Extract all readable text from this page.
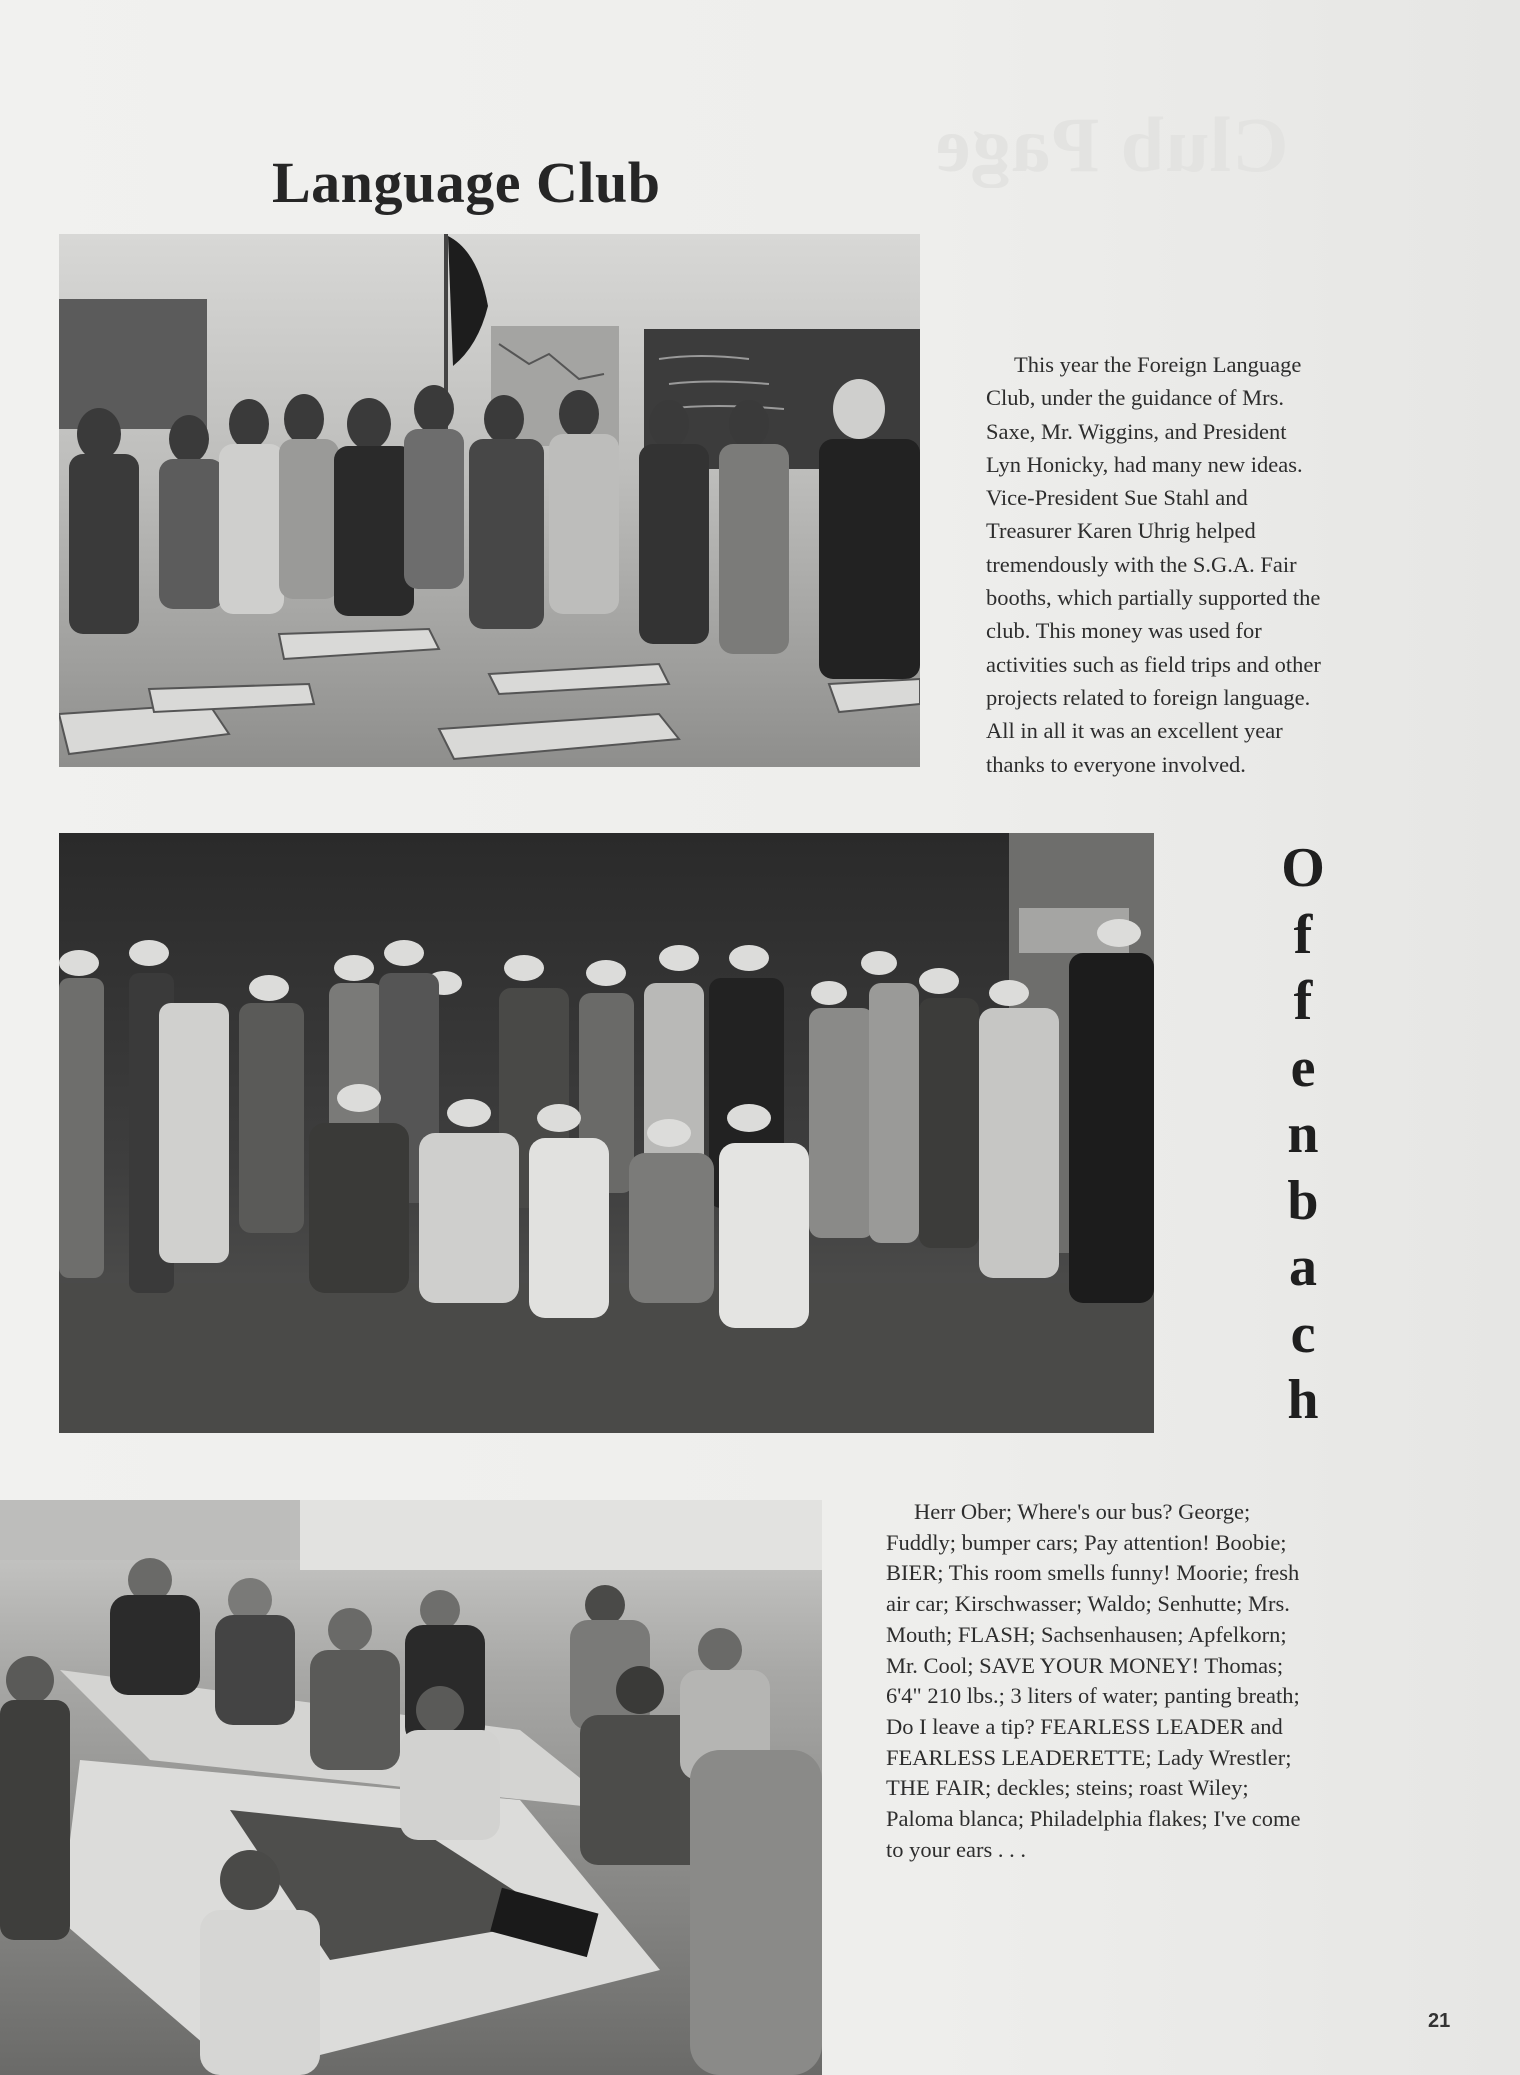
Club Page
Language Club
This year the Foreign Language
Club, under the guidance of Mrs.
Saxe, Mr. Wiggins, and President
Lyn Honicky, had many new ideas.
Vice-President Sue Stahl and
Treasurer Karen Uhrig helped
tremendously with the S.G.A. Fair
booths, which partially supported the
club. This money was used for
activities such as field trips and other
projects related to foreign language.
All in all it was an excellent year
thanks to everyone involved.
O
f
f
e
n
b
a
c
h
Herr Ober; Where's our bus? George;
Fuddly; bumper cars; Pay attention! Boobie;
BIER; This room smells funny! Moorie; fresh
air car; Kirschwasser; Waldo; Senhutte; Mrs.
Mouth; FLASH; Sachsenhausen; Apfelkorn;
Mr. Cool; SAVE YOUR MONEY! Thomas;
6'4" 210 lbs.; 3 liters of water; panting breath;
Do I leave a tip? FEARLESS LEADER and
FEARLESS LEADERETTE; Lady Wrestler;
THE FAIR; deckles; steins; roast Wiley;
Paloma blanca; Philadelphia flakes; I've come
to your ears . . .
21
